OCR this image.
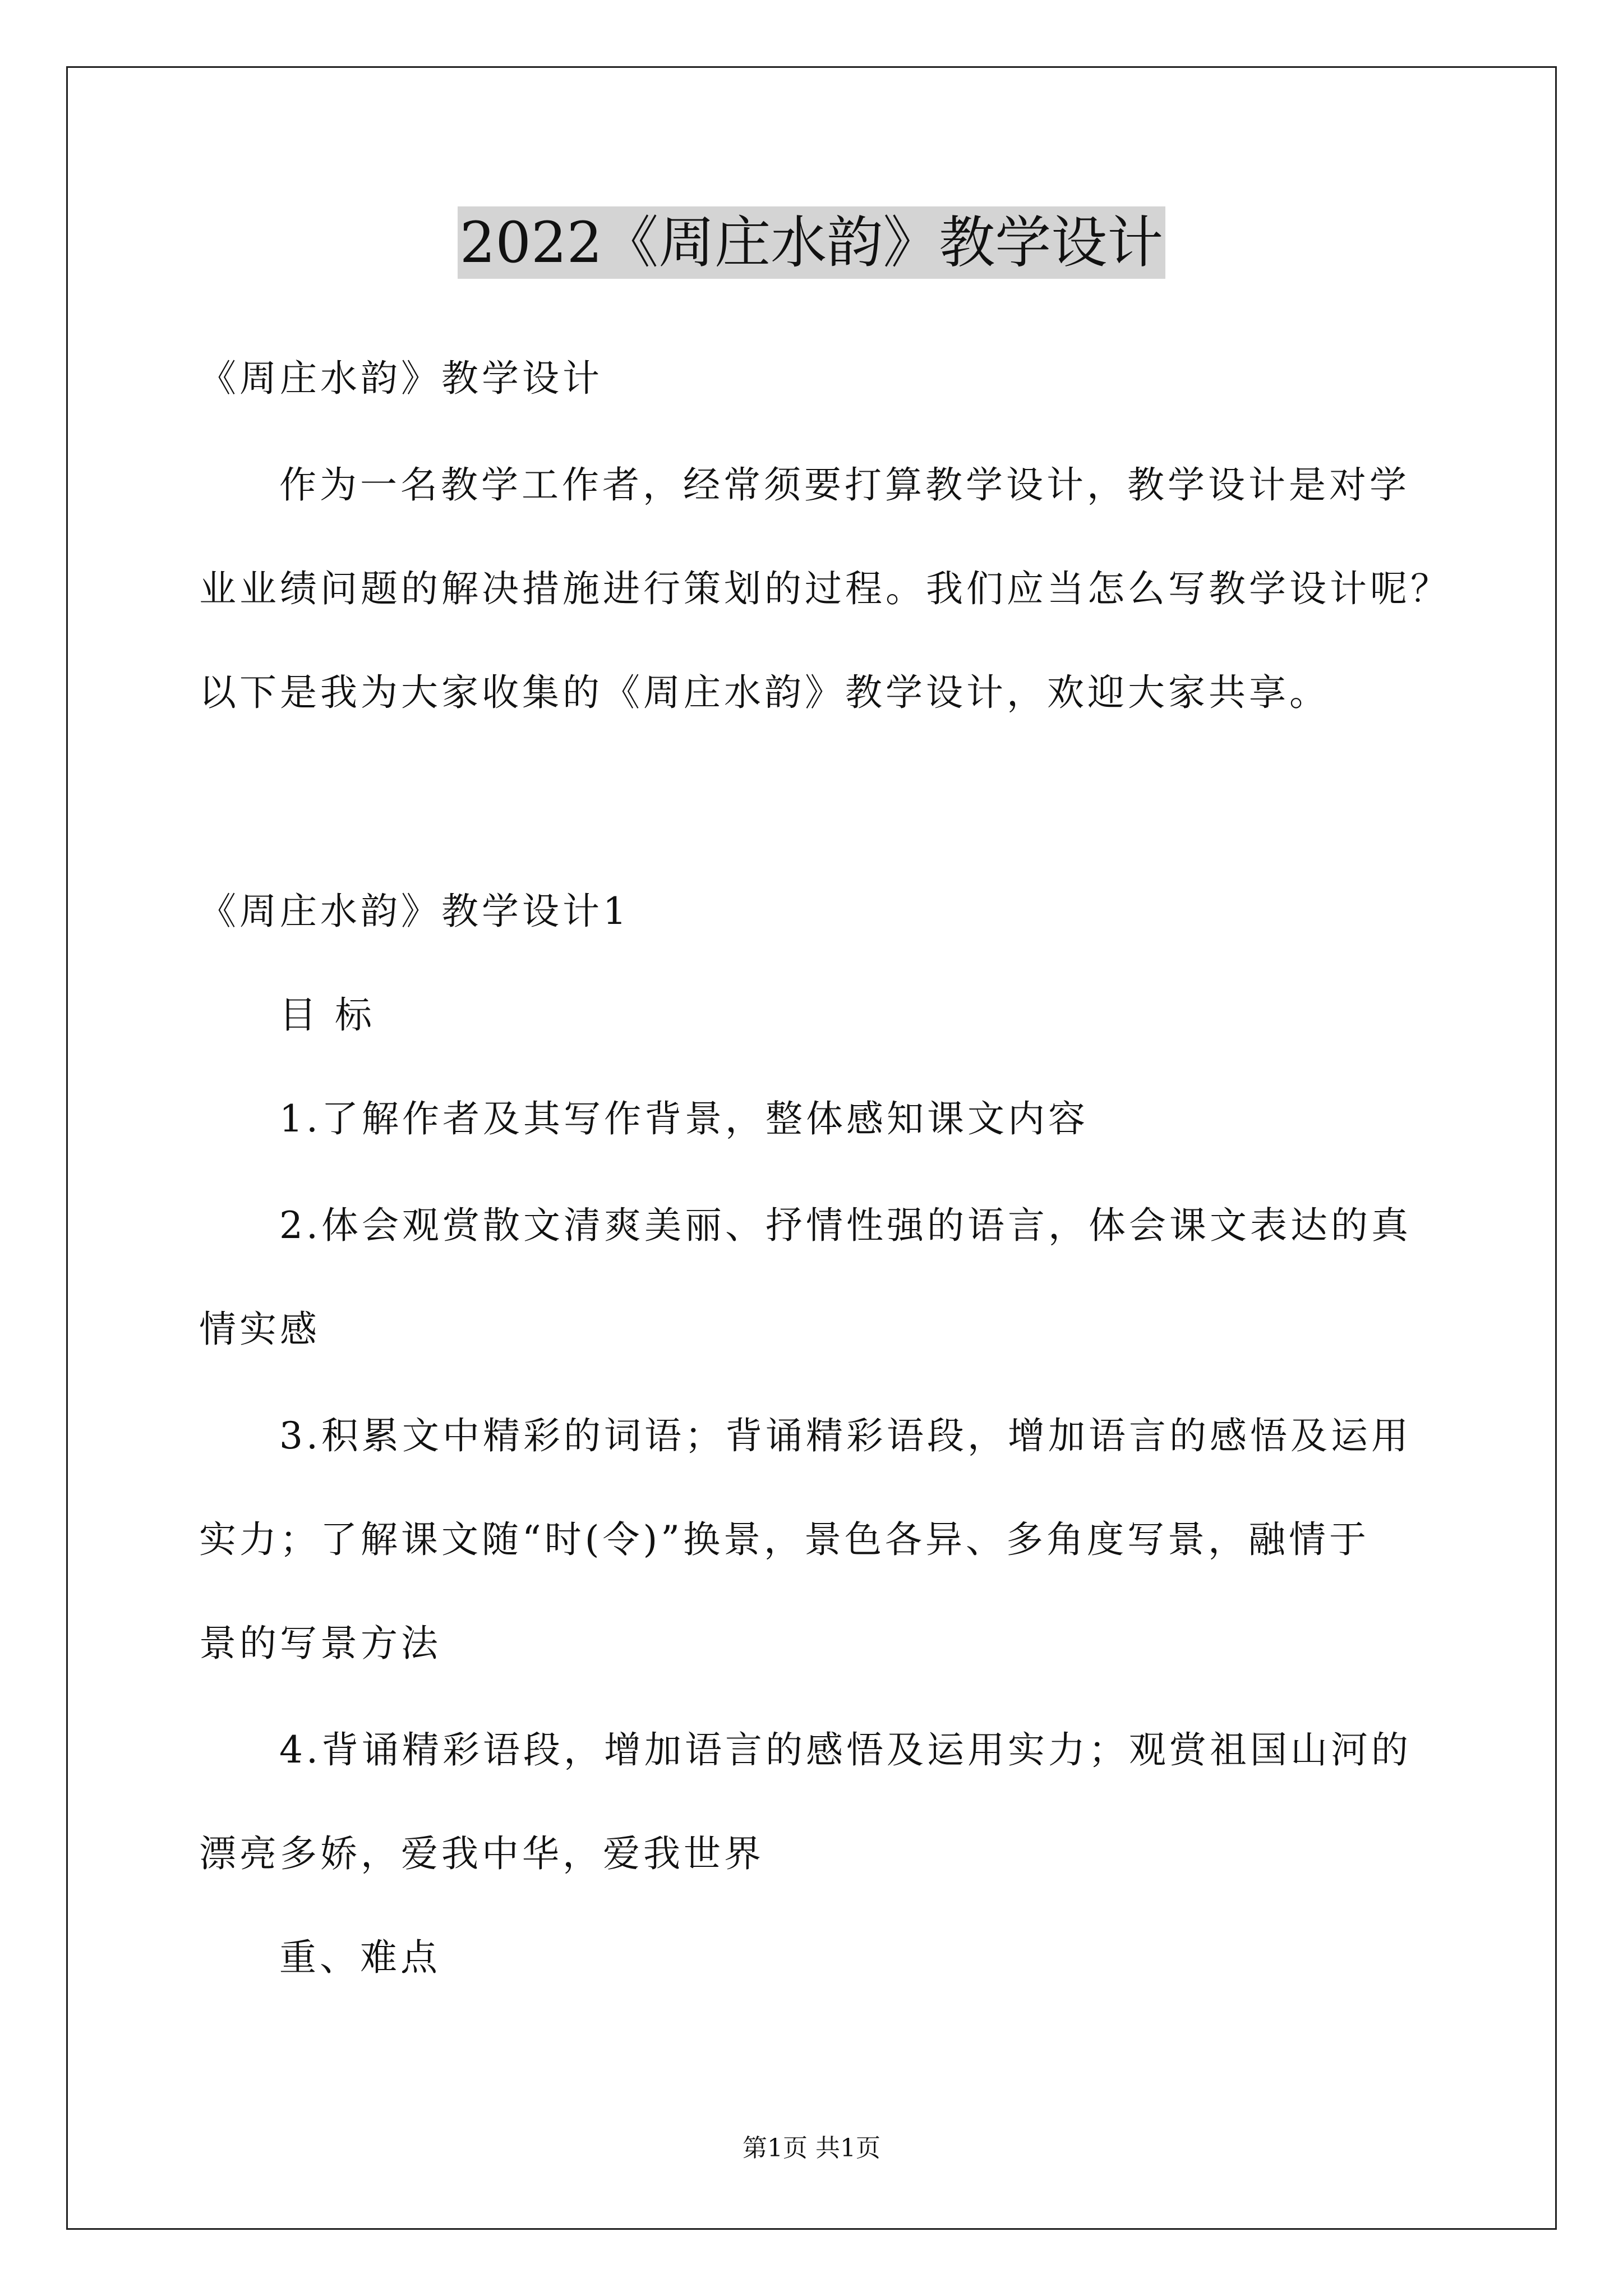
2022《周庄水韵》教学设计
《周庄水韵》教学设计
作为一名教学工作者，经常须要打算教学设计，教学设计是对学
业业绩问题的解决措施进行策划的过程。我们应当怎么写教学设计呢？
以下是我为大家收集的《周庄水韵》教学设计，欢迎大家共享。
《周庄水韵》教学设计1
目 标
1.了解作者及其写作背景，整体感知课文内容
2.体会观赏散文清爽美丽、抒情性强的语言，体会课文表达的真
情实感
3.积累文中精彩的词语；背诵精彩语段，增加语言的感悟及运用
实力；了解课文随“时(令)”换景，景色各异、多角度写景，融情于
景的写景方法
4.背诵精彩语段，增加语言的感悟及运用实力；观赏祖国山河的
漂亮多娇，爱我中华，爱我世界
重、难点
第1页 共1页
